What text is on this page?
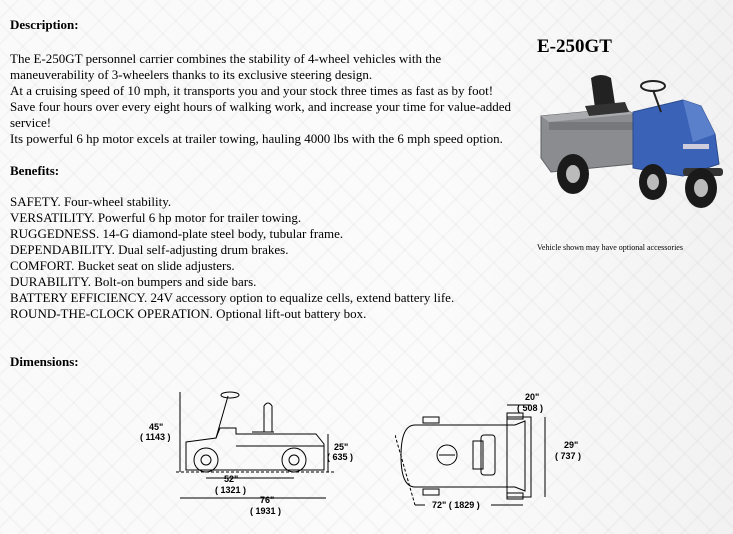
Description:
The E-250GT personnel carrier combines the stability of 4-wheel vehicles with the maneuverability of 3-wheelers thanks to its exclusive steering design.
At a cruising speed of 10 mph, it transports you and your stock three times as fast as by foot!
Save four hours over every eight hours of walking work, and increase your time for value-added service!
Its powerful 6 hp motor excels at trailer towing, hauling 4000 lbs with the 6 mph speed option.
E-250GT
Vehicle shown may have optional accessories
Benefits:
SAFETY. Four-wheel stability.
VERSATILITY. Powerful 6 hp motor for trailer towing.
RUGGEDNESS. 14-G diamond-plate steel body, tubular frame.
DEPENDABILITY. Dual self-adjusting drum brakes.
COMFORT. Bucket seat on slide adjusters.
DURABILITY. Bolt-on bumpers and side bars.
BATTERY EFFICIENCY. 24V accessory option to equalize cells, extend battery life.
ROUND-THE-CLOCK OPERATION. Optional lift-out battery box.
Dimensions:
45"
( 1143 )
25"
( 635 )
52"
( 1321 )
76"
( 1931 )
20"
( 508 )
29"
( 737 )
72" ( 1829 )
